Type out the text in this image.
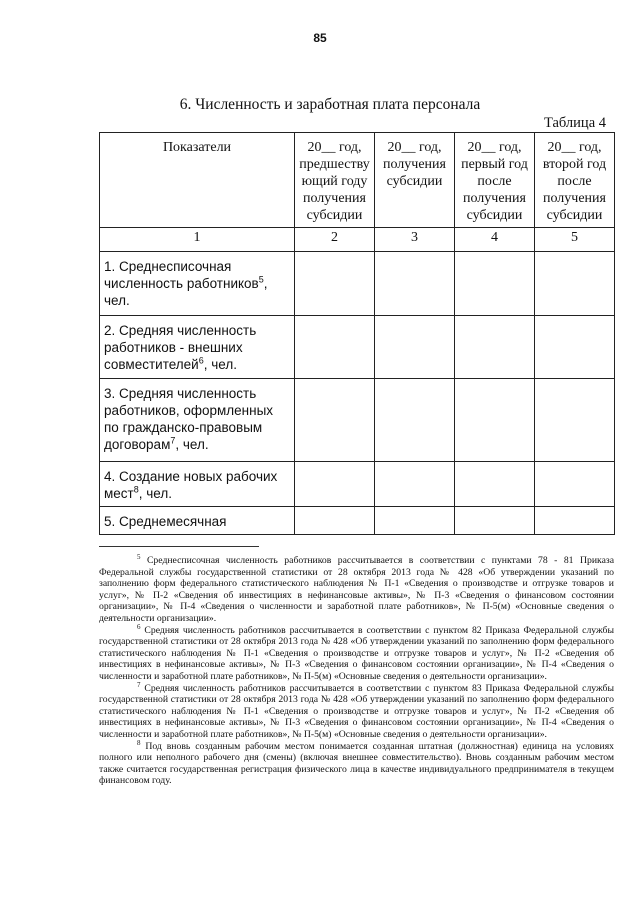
85
6. Численность и заработная плата персонала
Таблица 4
Показатели	20__ год, предшеству ющий году получения субсидии	20__ год, получения субсидии	20__ год, первый год после получения субсидии	20__ год, второй год после получения субсидии
1	2	3	4	5
1. Среднесписочная численность работников$^5$, чел.				
2. Средняя численность работников - внешних совместителей$^6$, чел.				
3. Средняя численность работников, оформленных по гражданско-правовым договорам$^7$, чел.				
4. Создание новых рабочих мест$^8$, чел.				
5. Среднемесячная				

$^5$ Среднесписочная численность работников рассчитывается в соответствии с пунктами 78 - 81 Приказа Федеральной службы государственной статистики от 28 октября 2013 года № 428 «Об утверждении указаний по заполнению форм федерального статистического наблюдения № П-1 «Сведения о производстве и отгрузке товаров и услуг», № П-2 «Сведения об инвестициях в нефинансовые активы», № П-3 «Сведения о финансовом состоянии организации», № П-4 «Сведения о численности и заработной плате работников», № П-5(м) «Основные сведения о деятельности организации».

$^6$ Средняя численность работников рассчитывается в соответствии с пунктом 82 Приказа Федеральной службы государственной статистики от 28 октября 2013 года № 428 «Об утверждении указаний по заполнению форм федерального статистического наблюдения № П-1 «Сведения о производстве и отгрузке товаров и услуг», № П-2 «Сведения об инвестициях в нефинансовые активы», № П-3 «Сведения о финансовом состоянии организации», № П-4 «Сведения о численности и заработной плате работников», № П-5(м) «Основные сведения о деятельности организации».

$^7$ Средняя численность работников рассчитывается в соответствии с пунктом 83 Приказа Федеральной службы государственной статистики от 28 октября 2013 года № 428 «Об утверждении указаний по заполнению форм федерального статистического наблюдения № П-1 «Сведения о производстве и отгрузке товаров и услуг», № П-2 «Сведения об инвестициях в нефинансовые активы», № П-3 «Сведения о финансовом состоянии организации», № П-4 «Сведения о численности и заработной плате работников», № П-5(м) «Основные сведения о деятельности организации».

$^8$ Под вновь созданным рабочим местом понимается созданная штатная (должностная) единица на условиях полного или неполного рабочего дня (смены) (включая внешнее совместительство). Вновь созданным рабочим местом также считается государственная регистрация физического лица в качестве индивидуального предпринимателя в текущем финансовом году.
